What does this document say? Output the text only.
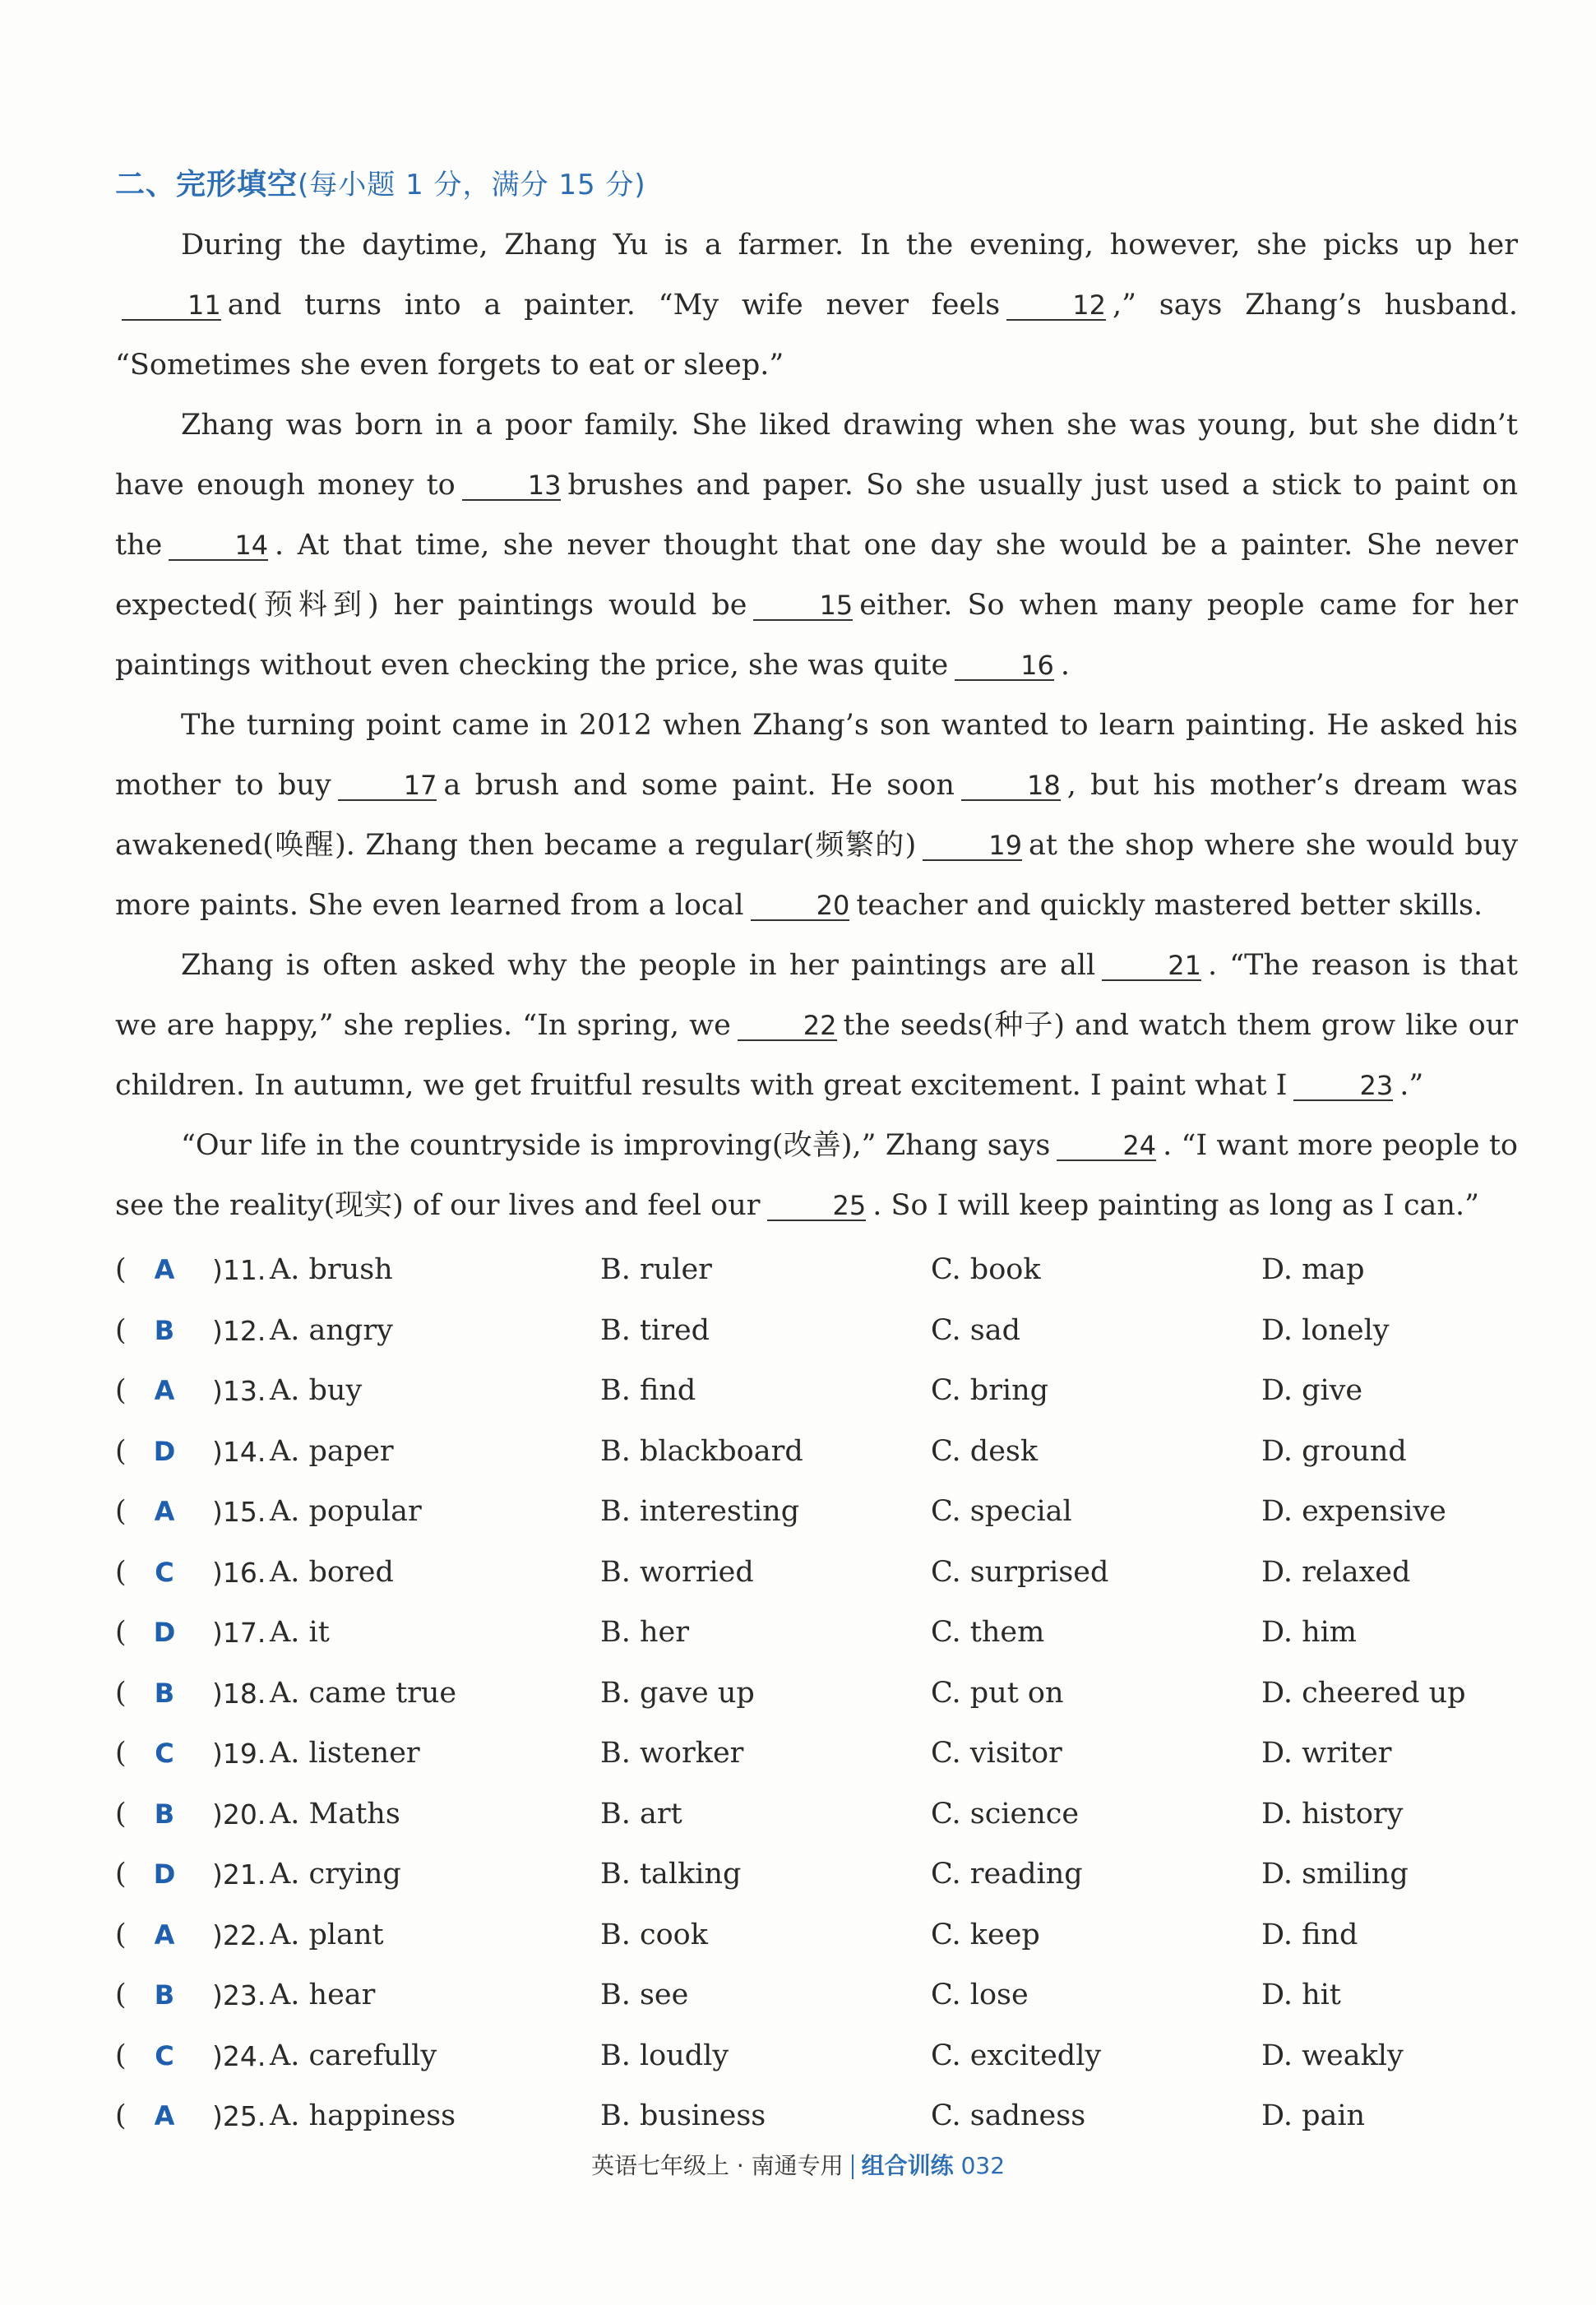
二、完形填空(每小题 1 分，满分 15 分)

During the daytime, Zhang Yu is a farmer. In the evening, however, she picks up her11 and turns into a painter. “My wife never feels	12 ,” says Zhang’s husband. “Sometimes she even forgets to eat or sleep.”

Zhang was born in a poor family. She liked drawing when she was young, but she didn’t have enough money to	13 brushes and paper. So she usually just used a stick to paint on the	14 . At that time, she never thought that one day she would be a painter. She never expected(预料到) her paintings would be	15 either. So when many people came for her paintings without even checking the price, she was quite	16 .

The turning point came in 2012 when Zhang’s son wanted to learn painting. He asked his mother to buy	17 a brush and some paint. He soon	18 , but his mother’s dream was awakened(唤醒). Zhang then became a regular(频繁的)	19 at the shop where she would buy more paints. She even learned from a local	20 teacher and quickly mastered better skills.

Zhang is often asked why the people in her paintings are all	21 . “The reason is that we are happy,” she replies. “In spring, we	22 the seeds(种子) and watch them grow like our children. In autumn, we get fruitful results with great excitement. I paint what I	23 .”

“Our life in the countryside is improving(改善),” Zhang says	24 . “I want more people to see the reality(现实) of our lives and feel our	25 . So I will keep painting as long as I can.”

( A )11. A. brush	B. ruler	C. book	D. map
( B )12. A. angry	B. tired	C. sad	D. lonely
( A )13. A. buy	B. find	C. bring	D. give
( D )14. A. paper	B. blackboard	C. desk	D. ground
( A )15. A. popular	B. interesting	C. special	D. expensive
( C )16. A. bored	B. worried	C. surprised	D. relaxed
( D )17. A. it	B. her	C. them	D. him
( B )18. A. came true	B. gave up	C. put on	D. cheered up
( C )19. A. listener	B. worker	C. visitor	D. writer
( B )20. A. Maths	B. art	C. science	D. history
( D )21. A. crying	B. talking	C. reading	D. smiling
( A )22. A. plant	B. cook	C. keep	D. find
( B )23. A. hear	B. see	C. lose	D. hit
( C )24. A. carefully	B. loudly	C. excitedly	D. weakly
( A )25. A. happiness	B. business	C. sadness	D. pain
英语七年级上 · 南通专用 组合训练 032
